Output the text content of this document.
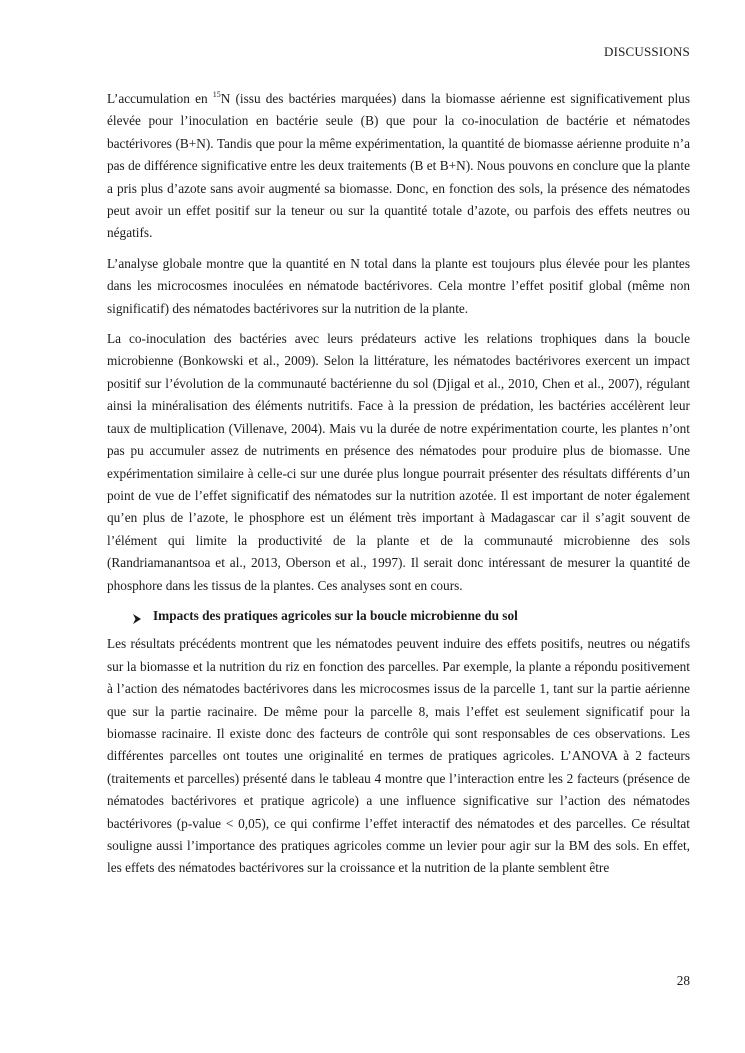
DISCUSSIONS

L’accumulation en $^{15}$N (issu des bactéries marquées) dans la biomasse aérienne est significativement plus élevée pour l’inoculation en bactérie seule (B) que pour la co-inoculation de bactérie et nématodes bactérivores (B+N). Tandis que pour la même expérimentation, la quantité de biomasse aérienne produite n’a pas de différence significative entre les deux traitements (B et B+N). Nous pouvons en conclure que la plante a pris plus d’azote sans avoir augmenté sa biomasse. Donc, en fonction des sols, la présence des nématodes peut avoir un effet positif sur la teneur ou sur la quantité totale d’azote, ou parfois des effets neutres ou négatifs.

L’analyse globale montre que la quantité en N total dans la plante est toujours plus élevée pour les plantes dans les microcosmes inoculées en nématode bactérivores. Cela montre l’effet positif global (même non significatif) des nématodes bactérivores sur la nutrition de la plante.

La co-inoculation des bactéries avec leurs prédateurs active les relations trophiques dans la boucle microbienne (Bonkowski et al., 2009). Selon la littérature, les nématodes bactérivores exercent un impact positif sur l’évolution de la communauté bactérienne du sol (Djigal et al., 2010, Chen et al., 2007), régulant ainsi la minéralisation des éléments nutritifs. Face à la pression de prédation, les bactéries accélèrent leur taux de multiplication (Villenave, 2004). Mais vu la durée de notre expérimentation courte, les plantes n’ont pas pu accumuler assez de nutriments en présence des nématodes pour produire plus de biomasse. Une expérimentation similaire à celle-ci sur une durée plus longue pourrait présenter des résultats différents d’un point de vue de l’effet significatif des nématodes sur la nutrition azotée. Il est important de noter également qu’en plus de l’azote, le phosphore est un élément très important à Madagascar car il s’agit souvent de l’élément qui limite la productivité de la plante et de la communauté microbienne des sols (Randriamanantsoa et al., 2013, Oberson et al., 1997). Il serait donc intéressant de mesurer la quantité de phosphore dans les tissus de la plantes. Ces analyses sont en cours.

Impacts des pratiques agricoles sur la boucle microbienne du sol

Les résultats précédents montrent que les nématodes peuvent induire des effets positifs, neutres ou négatifs sur la biomasse et la nutrition du riz en fonction des parcelles. Par exemple, la plante a répondu positivement à l’action des nématodes bactérivores dans les microcosmes issus de la parcelle 1, tant sur la partie aérienne que sur la partie racinaire. De même pour la parcelle 8, mais l’effet est seulement significatif pour la biomasse racinaire. Il existe donc des facteurs de contrôle qui sont responsables de ces observations. Les différentes parcelles ont toutes une originalité en termes de pratiques agricoles. L’ANOVA à 2 facteurs (traitements et parcelles) présenté dans le tableau 4 montre que l’interaction entre les 2 facteurs (présence de nématodes bactérivores et pratique agricole) a une influence significative sur l’action des nématodes bactérivores (p-value < 0,05), ce qui confirme l’effet interactif des nématodes et des parcelles. Ce résultat souligne aussi l’importance des pratiques agricoles comme un levier pour agir sur la BM des sols. En effet, les effets des nématodes bactérivores sur la croissance et la nutrition de la plante semblent être

28
